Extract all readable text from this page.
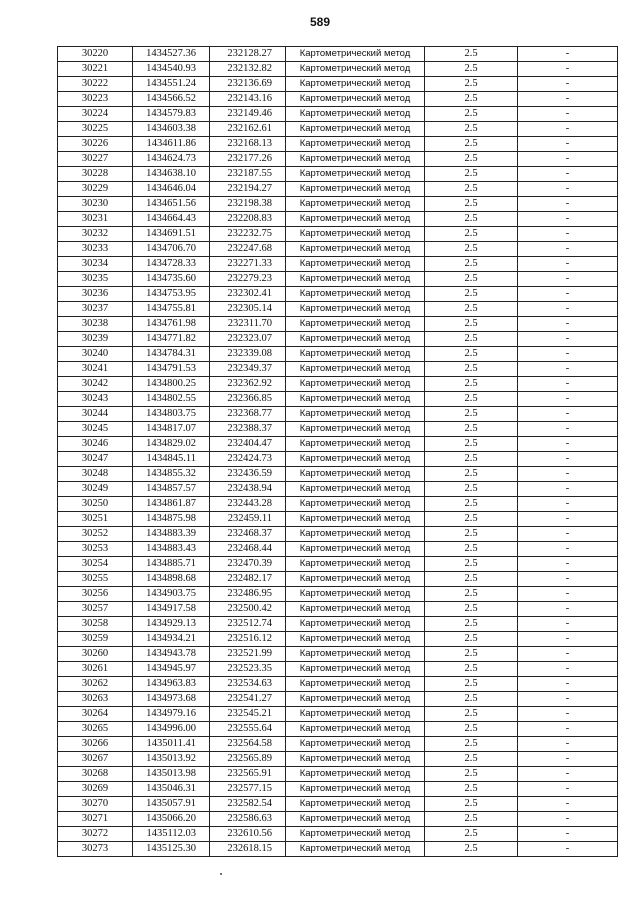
589
30220	1434527.36	232128.27	Картометрический метод	2.5	-
30221	1434540.93	232132.82	Картометрический метод	2.5	-
30222	1434551.24	232136.69	Картометрический метод	2.5	-
30223	1434566.52	232143.16	Картометрический метод	2.5	-
30224	1434579.83	232149.46	Картометрический метод	2.5	-
30225	1434603.38	232162.61	Картометрический метод	2.5	-
30226	1434611.86	232168.13	Картометрический метод	2.5	-
30227	1434624.73	232177.26	Картометрический метод	2.5	-
30228	1434638.10	232187.55	Картометрический метод	2.5	-
30229	1434646.04	232194.27	Картометрический метод	2.5	-
30230	1434651.56	232198.38	Картометрический метод	2.5	-
30231	1434664.43	232208.83	Картометрический метод	2.5	-
30232	1434691.51	232232.75	Картометрический метод	2.5	-
30233	1434706.70	232247.68	Картометрический метод	2.5	-
30234	1434728.33	232271.33	Картометрический метод	2.5	-
30235	1434735.60	232279.23	Картометрический метод	2.5	-
30236	1434753.95	232302.41	Картометрический метод	2.5	-
30237	1434755.81	232305.14	Картометрический метод	2.5	-
30238	1434761.98	232311.70	Картометрический метод	2.5	-
30239	1434771.82	232323.07	Картометрический метод	2.5	-
30240	1434784.31	232339.08	Картометрический метод	2.5	-
30241	1434791.53	232349.37	Картометрический метод	2.5	-
30242	1434800.25	232362.92	Картометрический метод	2.5	-
30243	1434802.55	232366.85	Картометрический метод	2.5	-
30244	1434803.75	232368.77	Картометрический метод	2.5	-
30245	1434817.07	232388.37	Картометрический метод	2.5	-
30246	1434829.02	232404.47	Картометрический метод	2.5	-
30247	1434845.11	232424.73	Картометрический метод	2.5	-
30248	1434855.32	232436.59	Картометрический метод	2.5	-
30249	1434857.57	232438.94	Картометрический метод	2.5	-
30250	1434861.87	232443.28	Картометрический метод	2.5	-
30251	1434875.98	232459.11	Картометрический метод	2.5	-
30252	1434883.39	232468.37	Картометрический метод	2.5	-
30253	1434883.43	232468.44	Картометрический метод	2.5	-
30254	1434885.71	232470.39	Картометрический метод	2.5	-
30255	1434898.68	232482.17	Картометрический метод	2.5	-
30256	1434903.75	232486.95	Картометрический метод	2.5	-
30257	1434917.58	232500.42	Картометрический метод	2.5	-
30258	1434929.13	232512.74	Картометрический метод	2.5	-
30259	1434934.21	232516.12	Картометрический метод	2.5	-
30260	1434943.78	232521.99	Картометрический метод	2.5	-
30261	1434945.97	232523.35	Картометрический метод	2.5	-
30262	1434963.83	232534.63	Картометрический метод	2.5	-
30263	1434973.68	232541.27	Картометрический метод	2.5	-
30264	1434979.16	232545.21	Картометрический метод	2.5	-
30265	1434996.00	232555.64	Картометрический метод	2.5	-
30266	1435011.41	232564.58	Картометрический метод	2.5	-
30267	1435013.92	232565.89	Картометрический метод	2.5	-
30268	1435013.98	232565.91	Картометрический метод	2.5	-
30269	1435046.31	232577.15	Картометрический метод	2.5	-
30270	1435057.91	232582.54	Картометрический метод	2.5	-
30271	1435066.20	232586.63	Картометрический метод	2.5	-
30272	1435112.03	232610.56	Картометрический метод	2.5	-
30273	1435125.30	232618.15	Картометрический метод	2.5	-
